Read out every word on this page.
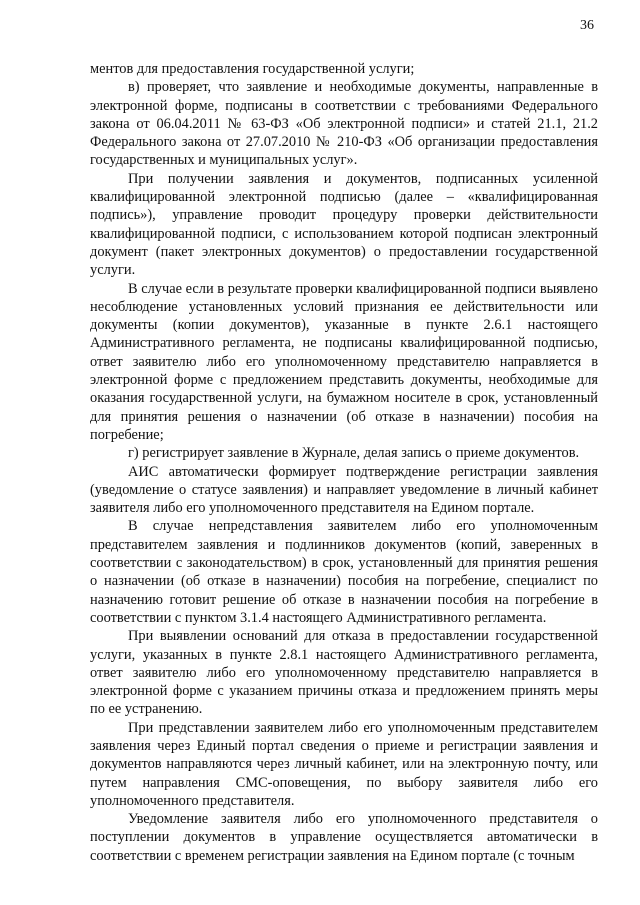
36

ментов для предоставления государственной услуги;

в) проверяет, что заявление и необходимые документы, направленные в электронной форме, подписаны в соответствии с требованиями Федерального закона от 06.04.2011 № 63-ФЗ «Об электронной подписи» и статей 21.1, 21.2 Федерального закона от 27.07.2010 № 210-ФЗ «Об организации предоставления государственных и муниципальных услуг».

При получении заявления и документов, подписанных усиленной квалифицированной электронной подписью (далее – «квалифицированная подпись»), управление проводит процедуру проверки действительности квалифицированной подписи, с использованием которой подписан электронный документ (пакет электронных документов) о предоставлении государственной услуги.

В случае если в результате проверки квалифицированной подписи выявлено несоблюдение установленных условий признания ее действительности или документы (копии документов), указанные в пункте 2.6.1 настоящего Административного регламента, не подписаны квалифицированной подписью, ответ заявителю либо его уполномоченному представителю направляется в электронной форме с предложением представить документы, необходимые для оказания государственной услуги, на бумажном носителе в срок, установленный для принятия решения о назначении (об отказе в назначении) пособия на погребение;

г) регистрирует заявление в Журнале, делая запись о приеме документов.

АИС автоматически формирует подтверждение регистрации заявления (уведомление о статусе заявления) и направляет уведомление в личный кабинет заявителя либо его уполномоченного представителя на Едином портале.

В случае непредставления заявителем либо его уполномоченным представителем заявления и подлинников документов (копий, заверенных в соответствии с законодательством) в срок, установленный для принятия решения о назначении (об отказе в назначении) пособия на погребение, специалист по назначению готовит решение об отказе в назначении пособия на погребение в соответствии с пунктом 3.1.4 настоящего Административного регламента.

При выявлении оснований для отказа в предоставлении государственной услуги, указанных в пункте 2.8.1 настоящего Административного регламента, ответ заявителю либо его уполномоченному представителю направляется в электронной форме с указанием причины отказа и предложением принять меры по ее устранению.

При представлении заявителем либо его уполномоченным представителем заявления через Единый портал сведения о приеме и регистрации заявления и документов направляются через личный кабинет, или на электронную почту, или путем направления СМС-оповещения, по выбору заявителя либо его уполномоченного представителя.

Уведомление заявителя либо его уполномоченного представителя о поступлении документов в управление осуществляется автоматически в соответствии с временем регистрации заявления на Едином портале (с точным
